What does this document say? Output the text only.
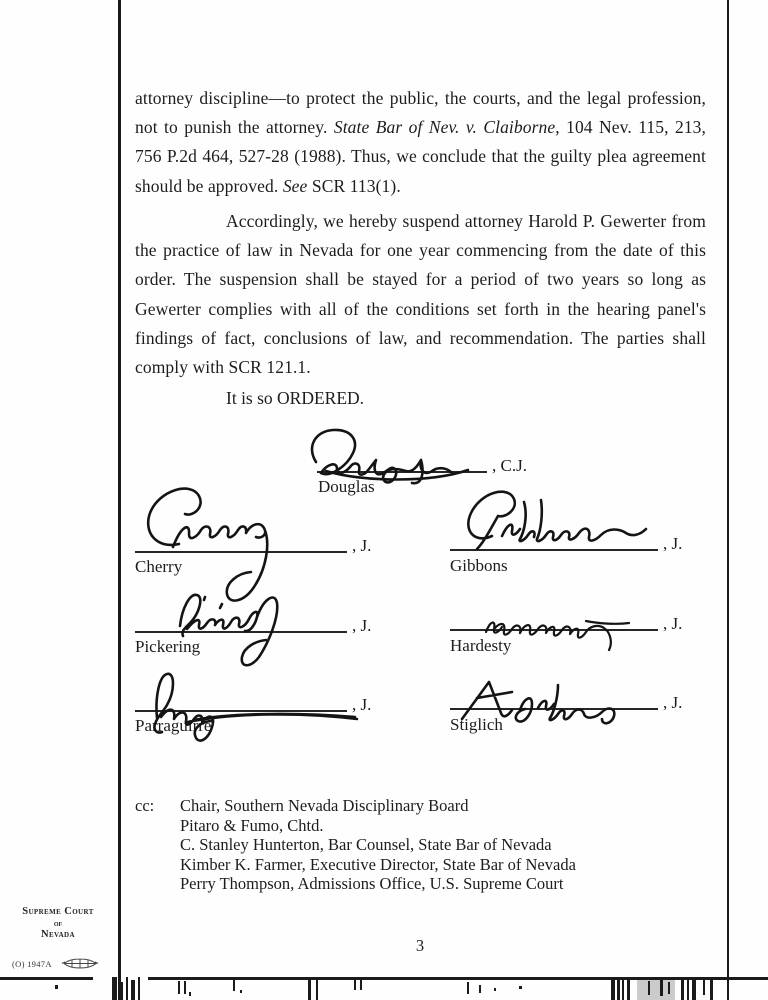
attorney discipline—to protect the public, the courts, and the legal profession, not to punish the attorney. State Bar of Nev. v. Claiborne, 104 Nev. 115, 213, 756 P.2d 464, 527-28 (1988). Thus, we conclude that the guilty plea agreement should be approved. See SCR 113(1).
Accordingly, we hereby suspend attorney Harold P. Gewerter from the practice of law in Nevada for one year commencing from the date of this order. The suspension shall be stayed for a period of two years so long as Gewerter complies with all of the conditions set forth in the hearing panel's findings of fact, conclusions of law, and recommendation. The parties shall comply with SCR 121.1.
It is so ORDERED.
, C.J.
Douglas
, J.
Cherry
, J.
Gibbons
, J.
Pickering
, J.
Hardesty
, J.
Parraguirre
, J.
Stiglich
cc: Chair, Southern Nevada Disciplinary Board
Pitaro & Fumo, Chtd.
C. Stanley Hunterton, Bar Counsel, State Bar of Nevada
Kimber K. Farmer, Executive Director, State Bar of Nevada
Perry Thompson, Admissions Office, U.S. Supreme Court
Supreme Court
of
Nevada
(O) 1947A
3
